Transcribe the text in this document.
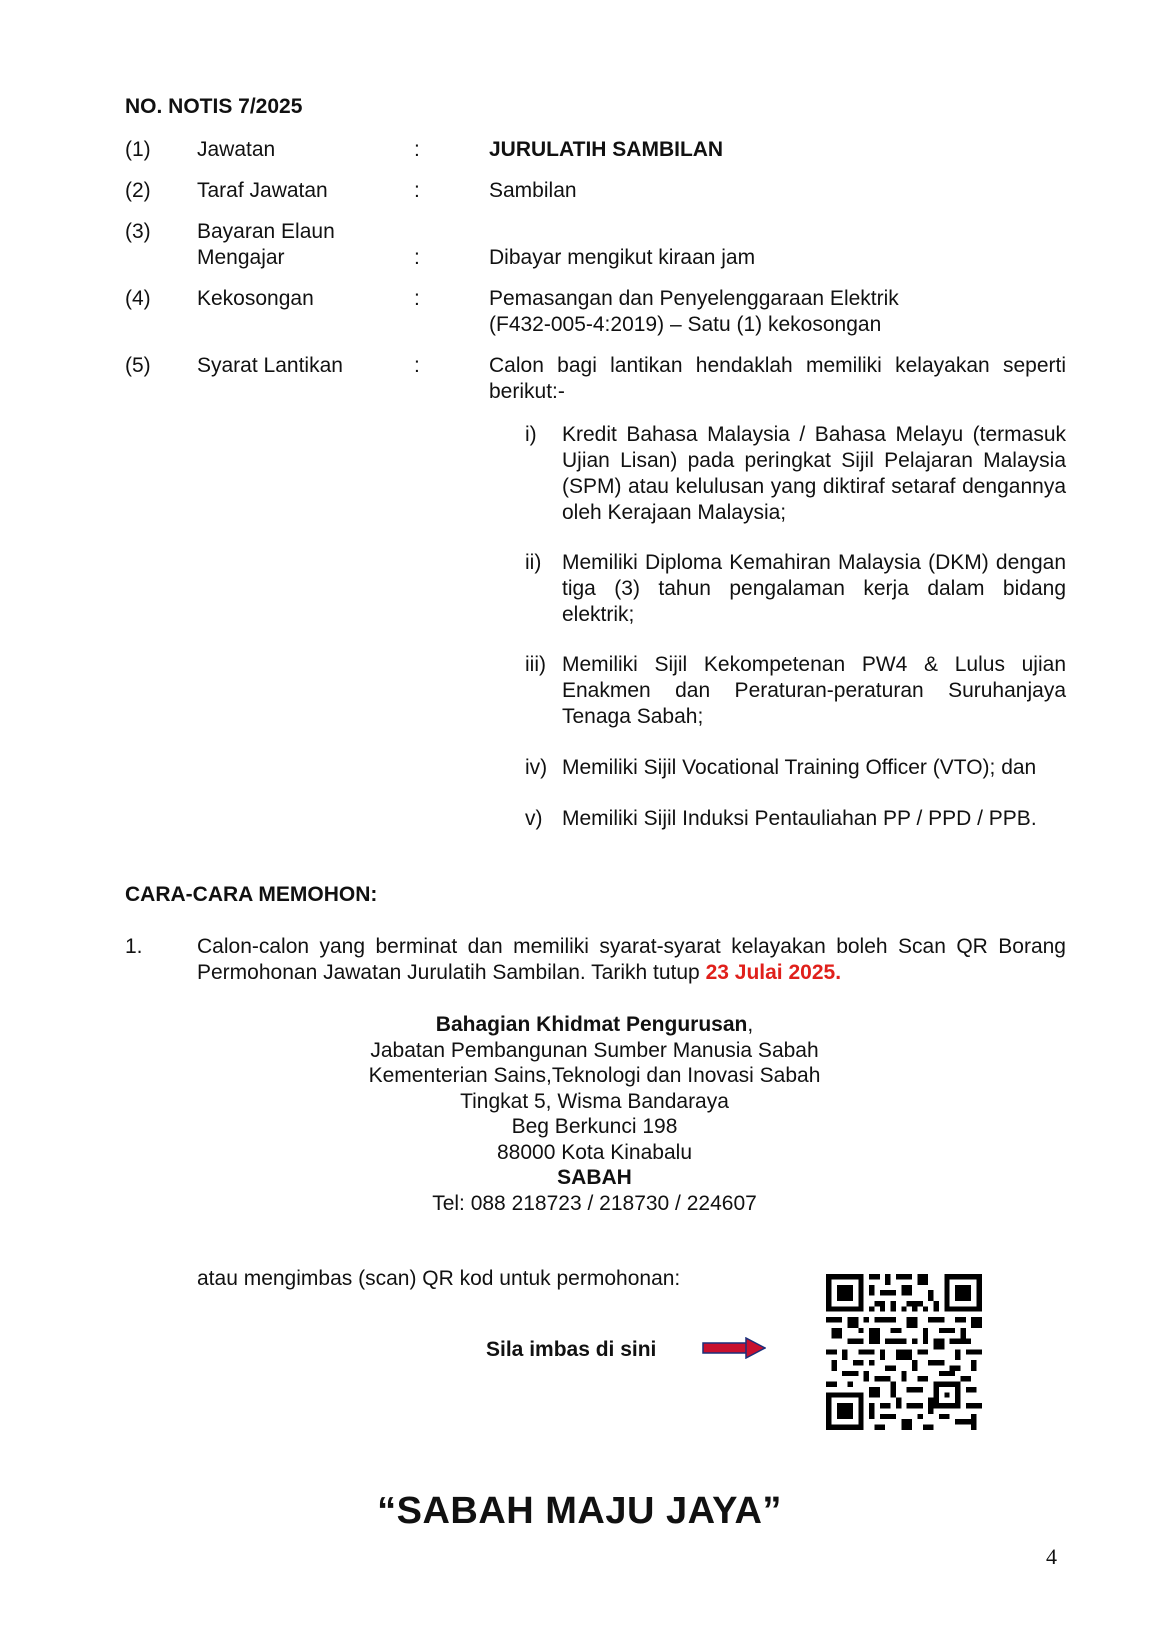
NO. NOTIS 7/2025
(1) Jawatan	:	JURULATIH SAMBILAN
(2) Taraf Jawatan	:	Sambilan
(3) Bayaran Elaun
Mengajar	:	Dibayar mengikut kiraan jam
(4) Kekosongan	:	Pemasangan dan Penyelenggaraan Elektrik
(F432-005-4:2019) – Satu (1) kekosongan
(5) Syarat Lantikan	:	Calon bagi lantikan hendaklah memiliki kelayakan seperti berikut:-
i) Kredit Bahasa Malaysia / Bahasa Melayu (termasuk Ujian Lisan) pada peringkat Sijil Pelajaran Malaysia (SPM) atau kelulusan yang diktiraf setaraf dengannya oleh Kerajaan Malaysia;
ii) Memiliki Diploma Kemahiran Malaysia (DKM) dengan tiga (3) tahun pengalaman kerja dalam bidang elektrik;
iii) Memiliki Sijil Kekompetenan PW4 & Lulus ujian Enakmen dan Peraturan-peraturan Suruhanjaya Tenaga Sabah;
iv) Memiliki Sijil Vocational Training Officer (VTO); dan
v) Memiliki Sijil Induksi Pentauliahan PP / PPD / PPB.
CARA-CARA MEMOHON:
1.	Calon-calon yang berminat dan memiliki syarat-syarat kelayakan boleh Scan QR Borang Permohonan Jawatan Jurulatih Sambilan. Tarikh tutup 23 Julai 2025.
Bahagian Khidmat Pengurusan,
Jabatan Pembangunan Sumber Manusia Sabah
Kementerian Sains,Teknologi dan Inovasi Sabah
Tingkat 5, Wisma Bandaraya
Beg Berkunci 198
88000 Kota Kinabalu
SABAH
Tel: 088 218723 / 218730 / 224607
atau mengimbas (scan) QR kod untuk permohonan:
Sila imbas di sini
“SABAH MAJU JAYA”
4
